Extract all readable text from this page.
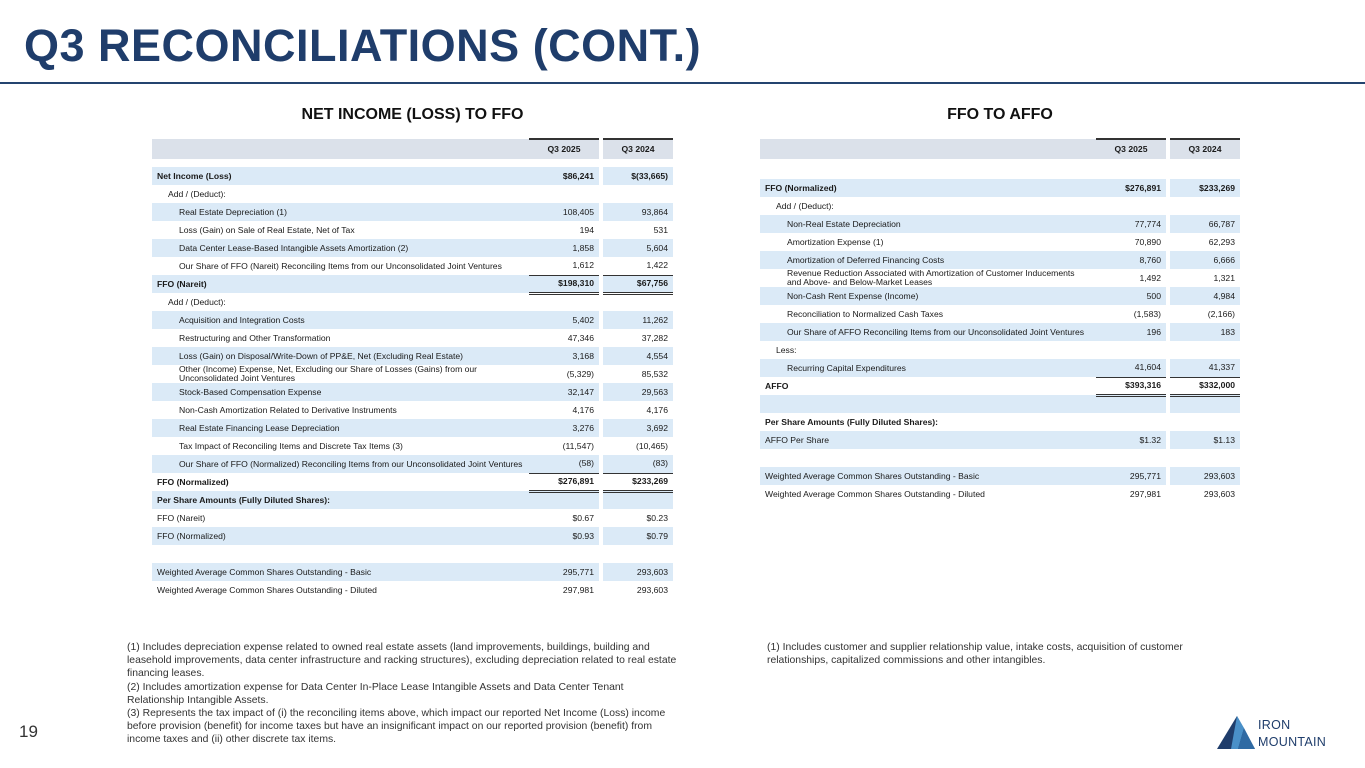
Q3 RECONCILIATIONS (CONT.)
NET INCOME (LOSS) TO FFO
	Q3 2025		Q3 2024

Net Income (Loss)	$86,241		$(33,665)
Add / (Deduct):			
Real Estate Depreciation (1)	108,405		93,864
Loss (Gain) on Sale of Real Estate, Net of Tax	194		531
Data Center Lease-Based Intangible Assets Amortization (2)	1,858		5,604
Our Share of FFO (Nareit) Reconciling Items from our Unconsolidated Joint Ventures	1,612		1,422
FFO (Nareit)	$198,310		$67,756
Add / (Deduct):			
Acquisition and Integration Costs	5,402		11,262
Restructuring and Other Transformation	47,346		37,282
Loss (Gain) on Disposal/Write-Down of PP&E, Net (Excluding Real Estate)	3,168		4,554
Other (Income) Expense, Net, Excluding our Share of Losses (Gains) from our Unconsolidated Joint Ventures	(5,329)		85,532
Stock-Based Compensation Expense	32,147		29,563
Non-Cash Amortization Related to Derivative Instruments	4,176		4,176
Real Estate Financing Lease Depreciation	3,276		3,692
Tax Impact of Reconciling Items and Discrete Tax Items (3)	(11,547)		(10,465)
Our Share of FFO (Normalized) Reconciling Items from our Unconsolidated Joint Ventures	(58)		(83)
FFO (Normalized)	$276,891		$233,269
Per Share Amounts (Fully Diluted Shares):			
FFO (Nareit)	$0.67		$0.23
FFO (Normalized)	$0.93		$0.79

Weighted Average Common Shares Outstanding - Basic	295,771		293,603
Weighted Average Common Shares Outstanding - Diluted	297,981		293,603
FFO TO AFFO
	Q3 2025		Q3 2024

FFO (Normalized)	$276,891		$233,269
Add / (Deduct):			
Non-Real Estate Depreciation	77,774		66,787
Amortization Expense (1)	70,890		62,293
Amortization of Deferred Financing Costs	8,760		6,666
Revenue Reduction Associated with Amortization of Customer Inducements and Above- and Below-Market Leases	1,492		1,321
Non-Cash Rent Expense (Income)	500		4,984
Reconciliation to Normalized Cash Taxes	(1,583)		(2,166)
Our Share of AFFO Reconciling Items from our Unconsolidated Joint Ventures	196		183
Less:			
Recurring Capital Expenditures	41,604		41,337
AFFO	$393,316		$332,000

Per Share Amounts (Fully Diluted Shares):			
AFFO Per Share	$1.32		$1.13

Weighted Average Common Shares Outstanding - Basic	295,771		293,603
Weighted Average Common Shares Outstanding - Diluted	297,981		293,603
(1) Includes depreciation expense related to owned real estate assets (land improvements, buildings, building and leasehold improvements, data center infrastructure and racking structures), excluding depreciation related to real estate financing leases.
(2) Includes amortization expense for Data Center In-Place Lease Intangible Assets and Data Center Tenant Relationship Intangible Assets.
(3) Represents the tax impact of (i) the reconciling items above, which impact our reported Net Income (Loss) income before provision (benefit) for income taxes but have an insignificant impact on our reported provision (benefit) from income taxes and (ii) other discrete tax items.
(1) Includes customer and supplier relationship value, intake costs, acquisition of customer relationships, capitalized commissions and other intangibles.
19	IRON
MOUNTAIN
